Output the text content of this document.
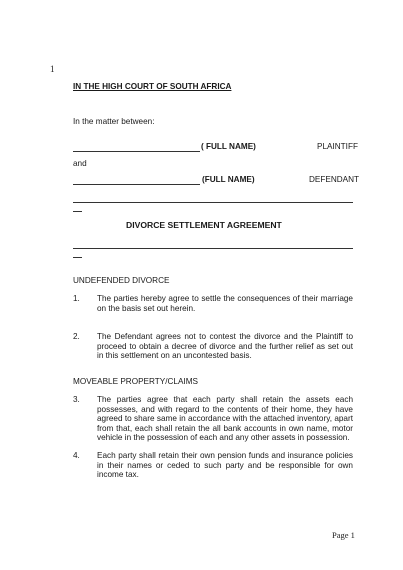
1
IN THE HIGH COURT OF SOUTH AFRICA
In the matter between:
( FULL NAME)	PLAINTIFF
and
(FULL NAME)	DEFENDANT
DIVORCE SETTLEMENT AGREEMENT
UNDEFENDED DIVORCE
1. The parties hereby agree to settle the consequences of their marriage on the basis set out herein.
2. The Defendant agrees not to contest the divorce and the Plaintiff to proceed to obtain a decree of divorce and the further relief as set out in this settlement on an uncontested basis.
MOVEABLE PROPERTY/CLAIMS
3. The parties agree that each party shall retain the assets each possesses, and with regard to the contents of their home, they have agreed to share same in accordance with the attached inventory, apart from that, each shall retain the all bank accounts in own name, motor vehicle in the possession of each and any other assets in possession.
4. Each party shall retain their own pension funds and insurance policies in their names or ceded to such party and be responsible for own income tax.
Page 1
